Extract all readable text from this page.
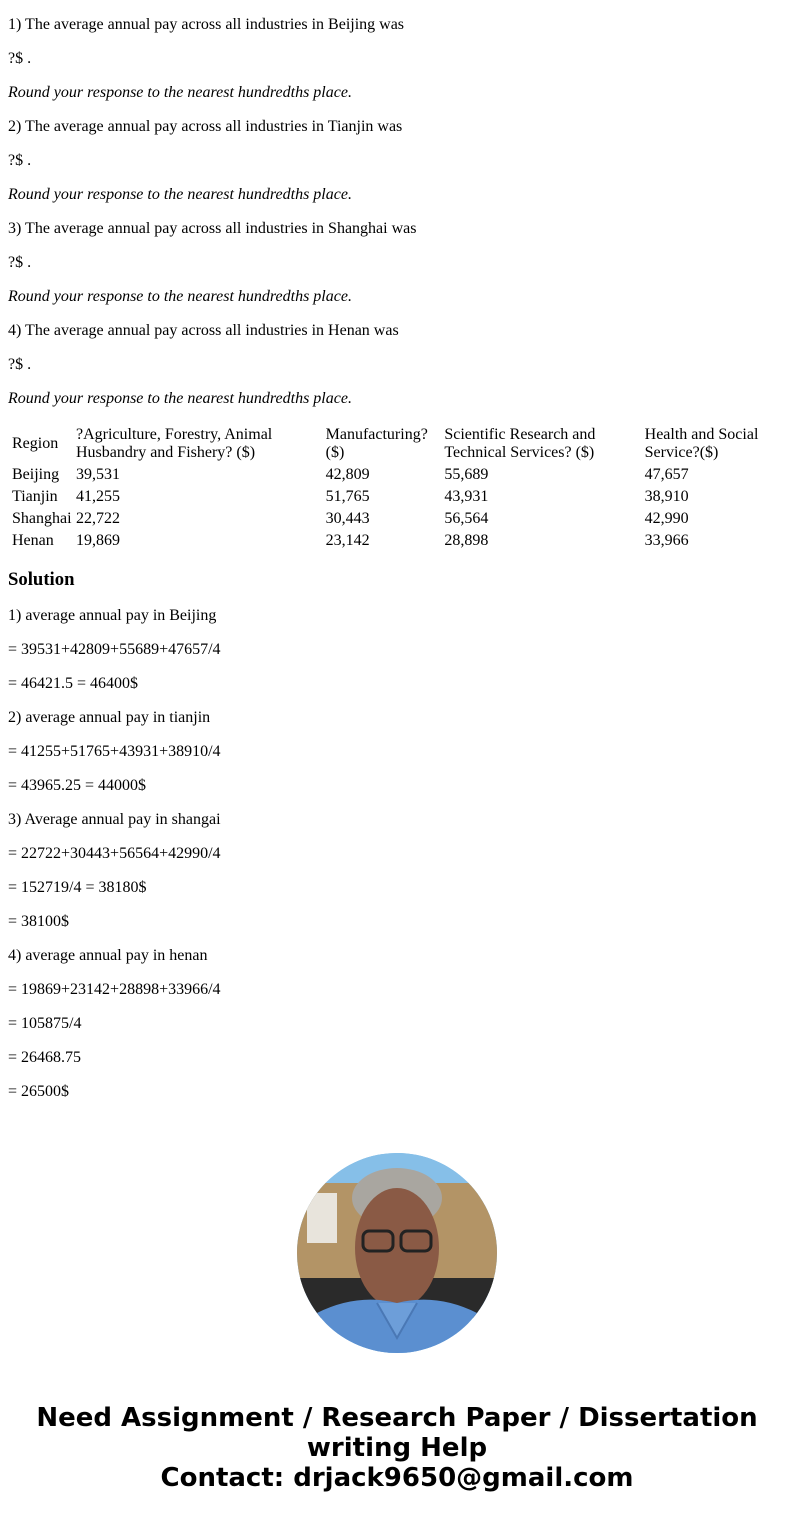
1) The average annual pay across all industries in Beijing was

?$ .

Round your response to the nearest hundredths place.

2) The average annual pay across all industries in Tianjin was

?$ .

Round your response to the nearest hundredths place.

3) The average annual pay across all industries in Shanghai was

?$ .

Round your response to the nearest hundredths place.

4) The average annual pay across all industries in Henan was

?$ .

Round your response to the nearest hundredths place.

Region	?Agriculture, Forestry, Animal Husbandry and Fishery? ($)	Manufacturing?($)	Scientific Research and Technical Services? ($)	Health and Social Service?($)
Beijing	39,531	42,809	55,689	47,657
Tianjin	41,255	51,765	43,931	38,910
Shanghai	22,722	30,443	56,564	42,990
Henan	19,869	23,142	28,898	33,966
Solution

1) average annual pay in Beijing

= 39531+42809+55689+47657/4

= 46421.5 = 46400$

2) average annual pay in tianjin

= 41255+51765+43931+38910/4

= 43965.25 = 44000$

3) Average annual pay in shangai

= 22722+30443+56564+42990/4

= 152719/4 = 38180$

= 38100$

4) average annual pay in henan

= 19869+23142+28898+33966/4

= 105875/4

= 26468.75

= 26500$

Need Assignment / Research Paper / Dissertation writing Help
Contact: drjack9650@gmail.com
